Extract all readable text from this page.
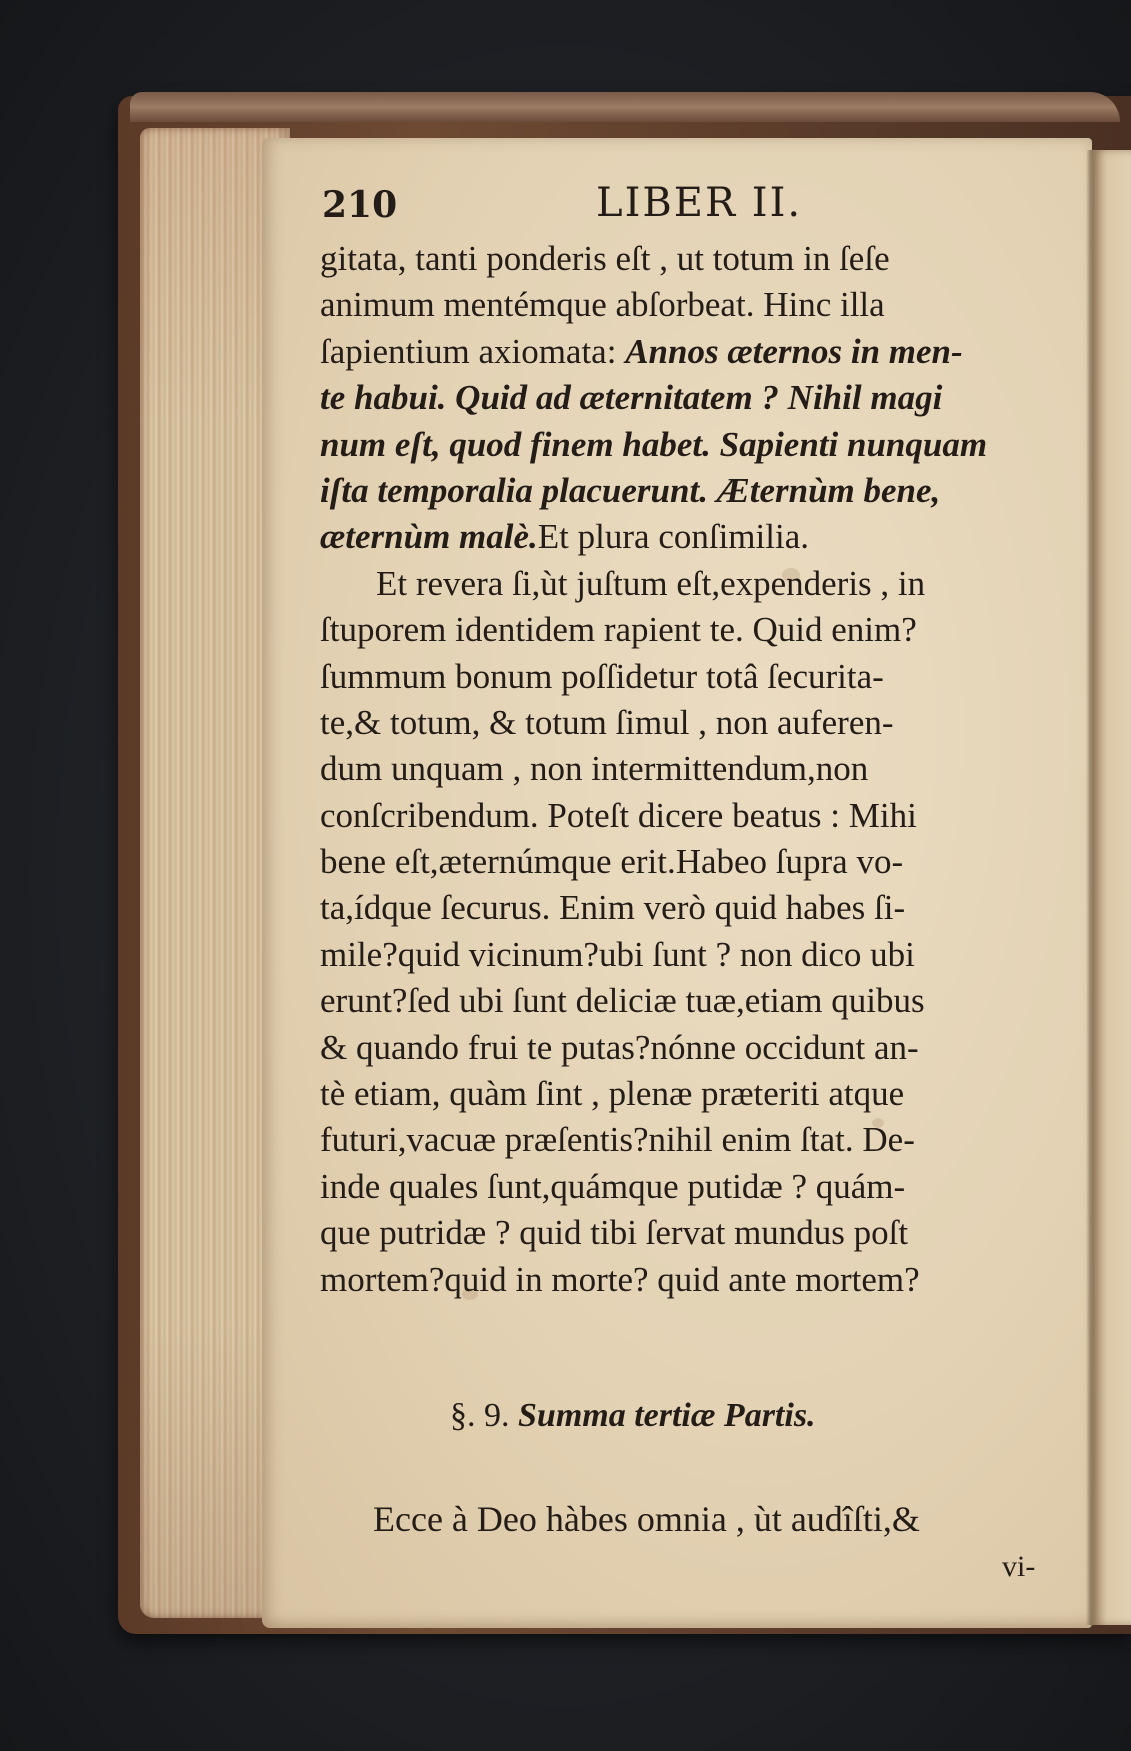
210	LIBER II.
gitata, tanti ponderis eſt , ut totum in ſeſe
animum mentémque abſorbeat. Hinc illa
ſapientium axiomata: Annos æternos in men-
te habui. Quid ad æternitatem ? Nihil magi
num eſt, quod finem habet. Sapienti nunquam
iſta temporalia placuerunt. Æternùm bene,
æternùm malè.Et plura conſimilia.
Et revera ſi,ùt juſtum eſt,expenderis , in
ſtuporem identidem rapient te. Quid enim?
ſummum bonum poſſidetur totâ ſecurita-
te,& totum, & totum ſimul , non auferen-
dum unquam , non intermittendum,non
conſcribendum. Poteſt dicere beatus : Mihi
bene eſt,æternúmque erit.Habeo ſupra vo-
ta,ídque ſecurus. Enim verò quid habes ſi-
mile?quid vicinum?ubi ſunt ? non dico ubi
erunt?ſed ubi ſunt deliciæ tuæ,etiam quibus
& quando frui te putas?nónne occidunt an-
tè etiam, quàm ſint , plenæ præteriti atque
futuri,vacuæ præſentis?nihil enim ſtat. De-
inde quales ſunt,quámque putidæ ? quám-
que putridæ ? quid tibi ſervat mundus poſt
mortem?quid in morte? quid ante mortem?
§. 9. Summa tertiæ Partis.
Ecce à Deo hàbes omnia , ùt audîſti,&
vi-
